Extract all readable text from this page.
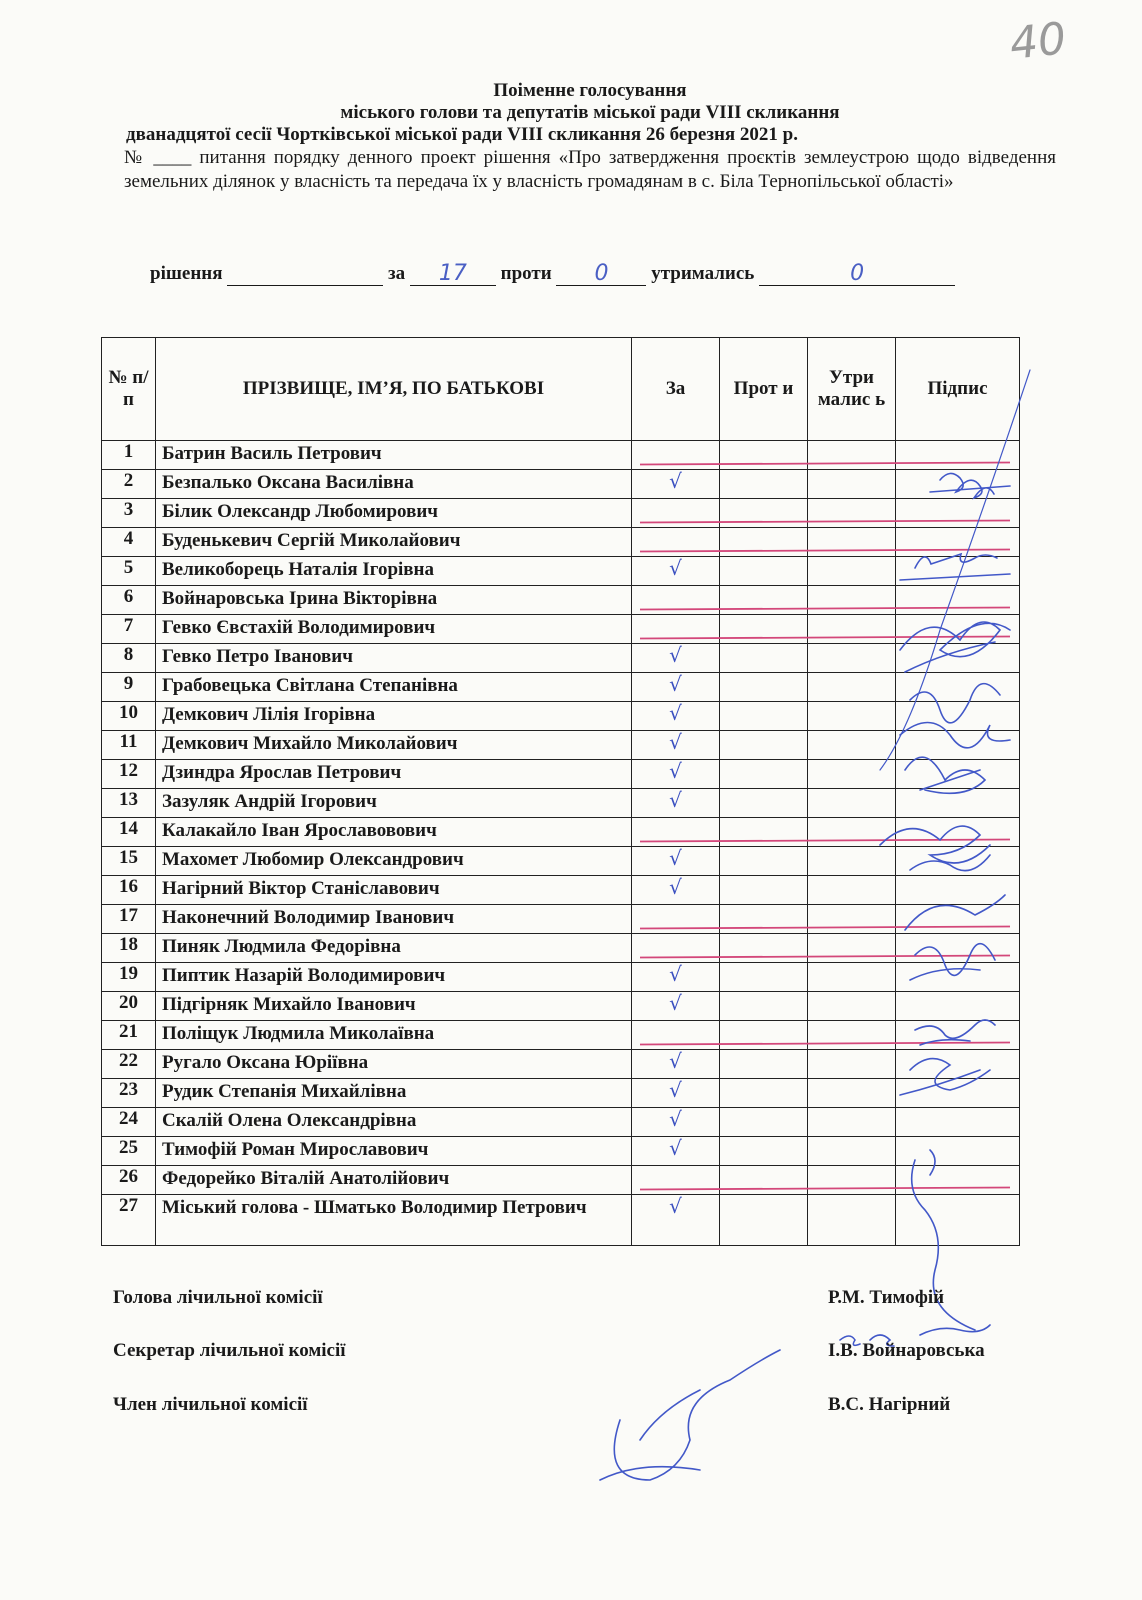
40
Поіменне голосування
міського голови та депутатів міської ради VIII скликання
дванадцятої сесії Чортківської міської ради VIII скликання 26 березня 2021 р.
№ ____ питання порядку денного проект рішення «Про затвердження проєктів землеустрою щодо відведення земельних ділянок у власність та передача їх у власність громадянам в с. Біла Тернопільської області»
рішення	за 17 проти 0 утримались	0
№ п/п	ПРІЗВИЩЕ, ІМ’Я, ПО БАТЬКОВІ	За	Прот и	Утри малис ь	Підпис
1	Батрин Василь Петрович				
2	Безпалько Оксана Василівна	√			
3	Білик Олександр Любомирович				
4	Буденькевич Сергій Миколайович				
5	Великоборець Наталія Ігорівна	√			
6	Войнаровська Ірина Вікторівна				
7	Гевко Євстахій Володимирович				
8	Гевко Петро Іванович	√			
9	Грабовецька Світлана Степанівна	√			
10	Демкович Лілія Ігорівна	√			
11	Демкович Михайло Миколайович	√			
12	Дзиндра Ярослав Петрович	√			
13	Зазуляк Андрій Ігорович	√			
14	Калакайло Іван Ярославовович				
15	Махомет Любомир Олександрович	√			
16	Нагірний Віктор Станіславович	√			
17	Наконечний Володимир Іванович				
18	Пиняк Людмила Федорівна				
19	Пиптик Назарій Володимирович	√			
20	Підгірняк Михайло Іванович	√			
21	Поліщук Людмила Миколаївна				
22	Ругало Оксана Юріївна	√			
23	Рудик Степанія Михайлівна	√			
24	Скалій Олена Олександрівна	√			
25	Тимофій Роман Мирославович	√			
26	Федорейко Віталій Анатолійович				
27	Міський голова - Шматько Володимир Петрович	√			
Голова лічильної комісії	Р.М. Тимофій
Секретар лічильної комісії	І.В. Войнаровська
Член лічильної комісії	В.С. Нагірний
